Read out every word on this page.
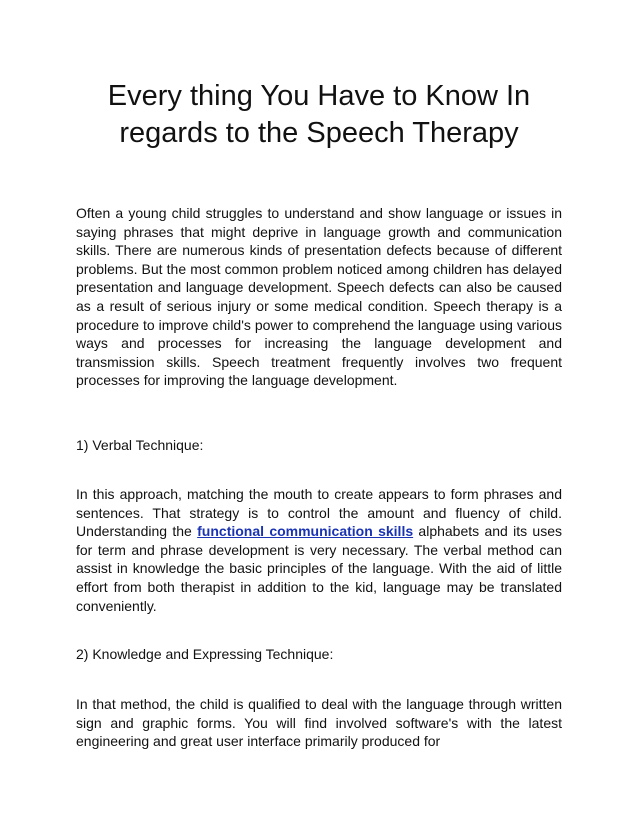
Every thing You Have to Know In regards to the Speech Therapy

Often a young child struggles to understand and show language or issues in saying phrases that might deprive in language growth and communication skills. There are numerous kinds of presentation defects because of different problems. But the most common problem noticed among children has delayed presentation and language development. Speech defects can also be caused as a result of serious injury or some medical condition. Speech therapy is a procedure to improve child's power to comprehend the language using various ways and processes for increasing the language development and transmission skills. Speech treatment frequently involves two frequent processes for improving the language development.

1) Verbal Technique:

In this approach, matching the mouth to create appears to form phrases and sentences. That strategy is to control the amount and fluency of child. Understanding the functional communication skills alphabets and its uses for term and phrase development is very necessary. The verbal method can assist in knowledge the basic principles of the language. With the aid of little effort from both therapist in addition to the kid, language may be translated conveniently.

2) Knowledge and Expressing Technique:

In that method, the child is qualified to deal with the language through written sign and graphic forms. You will find involved software's with the latest engineering and great user interface primarily produced for
